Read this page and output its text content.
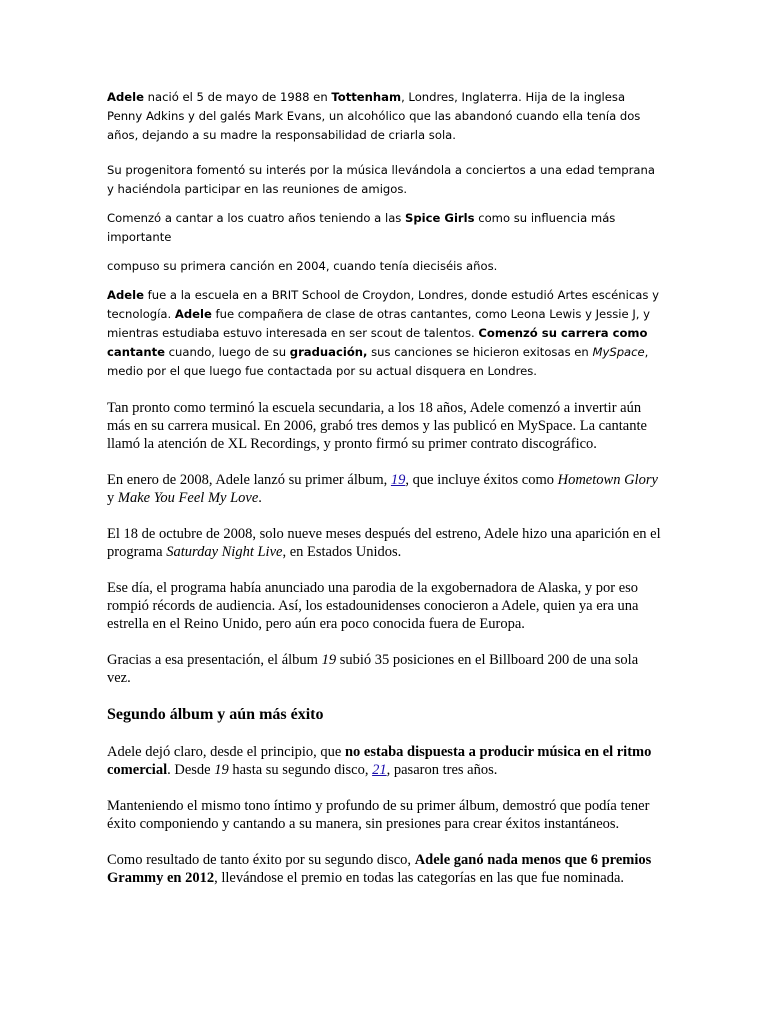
Adele nació el 5 de mayo de 1988 en Tottenham, Londres, Inglaterra. Hija de la inglesa Penny Adkins y del galés Mark Evans, un alcohólico que las abandonó cuando ella tenía dos años, dejando a su madre la responsabilidad de criarla sola.

Su progenitora fomentó su interés por la música llevándola a conciertos a una edad temprana y haciéndola participar en las reuniones de amigos.

Comenzó a cantar a los cuatro años teniendo a las Spice Girls como su influencia más importante

compuso su primera canción en 2004, cuando tenía dieciséis años.

Adele fue a la escuela en a BRIT School de Croydon, Londres, donde estudió Artes escénicas y tecnología. Adele fue compañera de clase de otras cantantes, como Leona Lewis y Jessie J, y mientras estudiaba estuvo interesada en ser scout de talentos. Comenzó su carrera como cantante cuando, luego de su graduación, sus canciones se hicieron exitosas en MySpace, medio por el que luego fue contactada por su actual disquera en Londres.

Tan pronto como terminó la escuela secundaria, a los 18 años, Adele comenzó a invertir aún más en su carrera musical. En 2006, grabó tres demos y las publicó en MySpace. La cantante llamó la atención de XL Recordings, y pronto firmó su primer contrato discográfico.

En enero de 2008, Adele lanzó su primer álbum, 19, que incluye éxitos como Hometown Glory y Make You Feel My Love.

El 18 de octubre de 2008, solo nueve meses después del estreno, Adele hizo una aparición en el programa Saturday Night Live, en Estados Unidos.

Ese día, el programa había anunciado una parodia de la exgobernadora de Alaska, y por eso rompió récords de audiencia. Así, los estadounidenses conocieron a Adele, quien ya era una estrella en el Reino Unido, pero aún era poco conocida fuera de Europa.

Gracias a esa presentación, el álbum 19 subió 35 posiciones en el Billboard 200 de una sola vez.

Segundo álbum y aún más éxito

Adele dejó claro, desde el principio, que no estaba dispuesta a producir música en el ritmo comercial. Desde 19 hasta su segundo disco, 21, pasaron tres años.

Manteniendo el mismo tono íntimo y profundo de su primer álbum, demostró que podía tener éxito componiendo y cantando a su manera, sin presiones para crear éxitos instantáneos.

Como resultado de tanto éxito por su segundo disco, Adele ganó nada menos que 6 premios Grammy en 2012, llevándose el premio en todas las categorías en las que fue nominada.
